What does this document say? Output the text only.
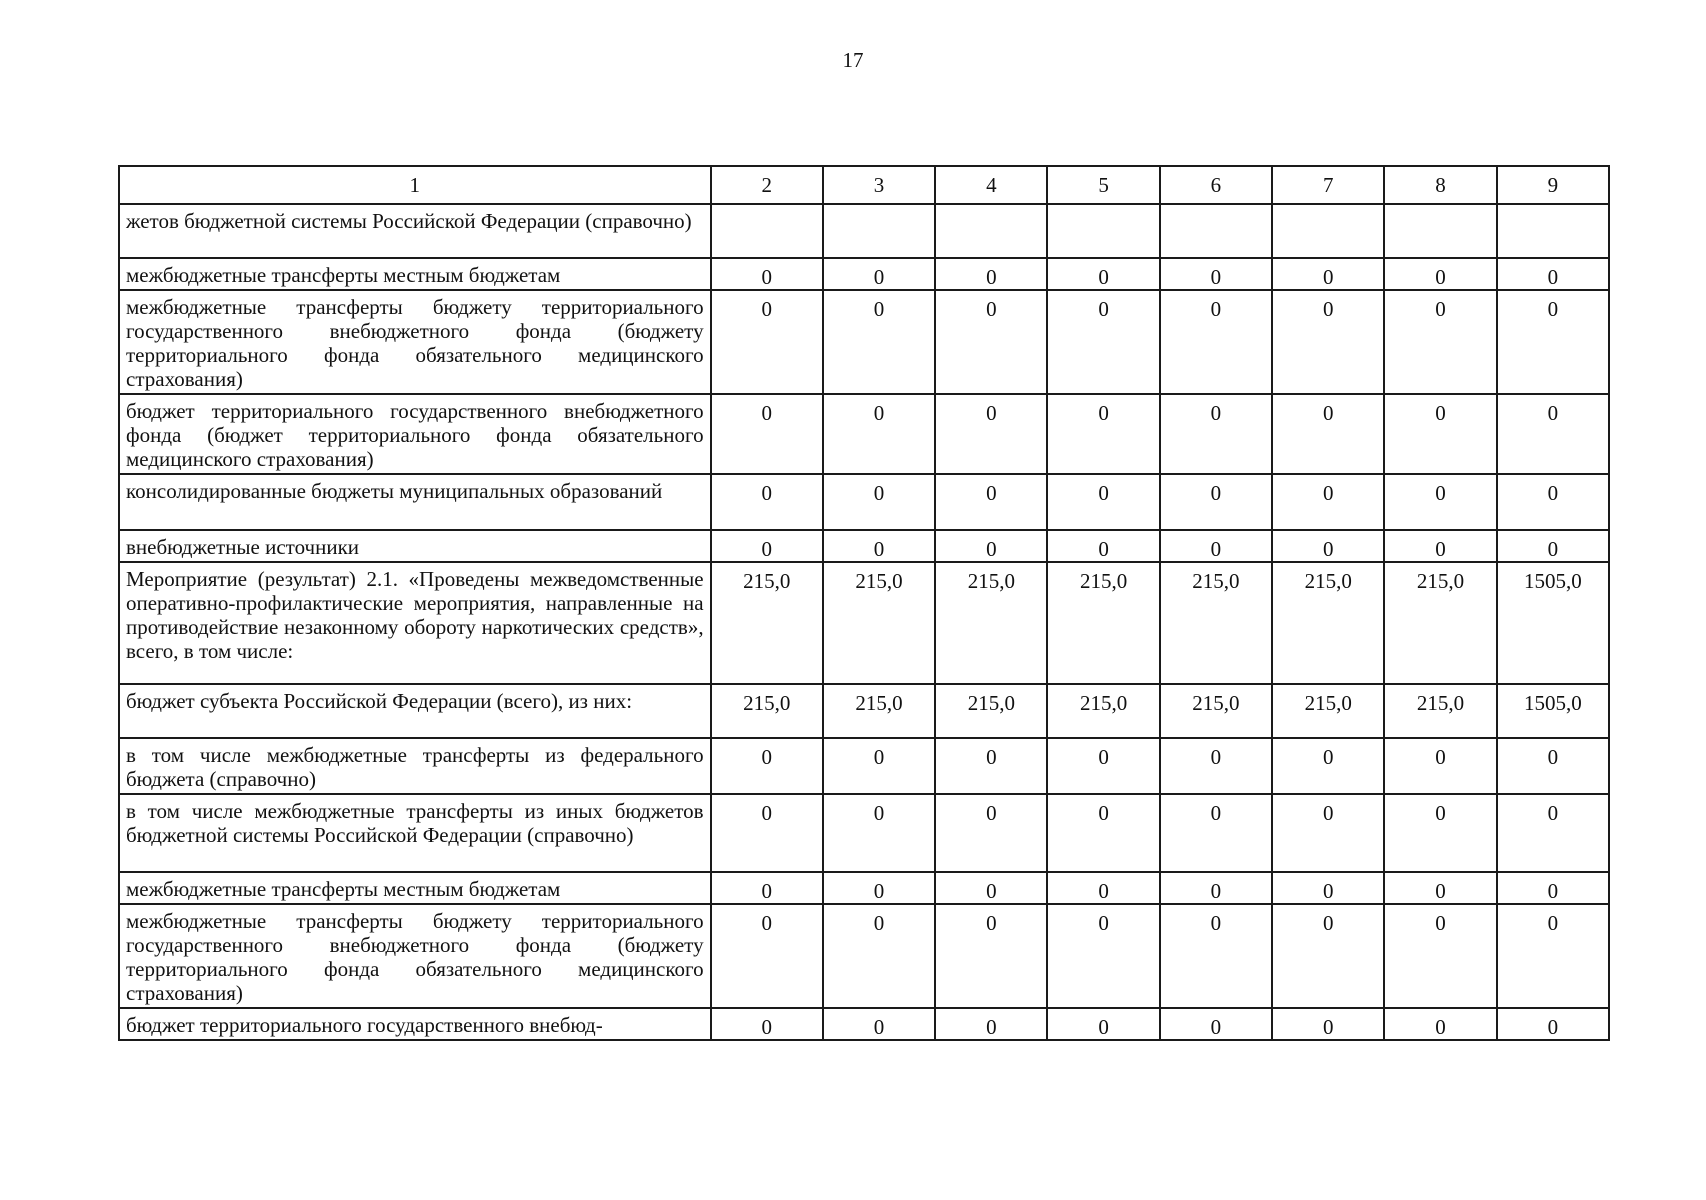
17
1	2	3	4	5	6	7	8	9
жетов бюджетной системы Российской Федерации (справочно)								
межбюджетные трансферты местным бюджетам	0	0	0	0	0	0	0	0
межбюджетные трансферты бюджету территориального государственного внебюджетного фонда (бюджету территориального фонда обязательного медицинского страхования)	0	0	0	0	0	0	0	0
бюджет территориального государственного внебюджетного фонда (бюджет территориального фонда обязательного медицинского страхования)	0	0	0	0	0	0	0	0
консолидированные бюджеты муниципальных образований	0	0	0	0	0	0	0	0
внебюджетные источники	0	0	0	0	0	0	0	0
Мероприятие (результат) 2.1. «Проведены межведомственные оперативно-профилактические мероприятия, направленные на противодействие незаконному обороту наркотических средств», всего, в том числе:	215,0	215,0	215,0	215,0	215,0	215,0	215,0	1505,0
бюджет субъекта Российской Федерации (всего), из них:	215,0	215,0	215,0	215,0	215,0	215,0	215,0	1505,0
в том числе межбюджетные трансферты из федерального бюджета (справочно)	0	0	0	0	0	0	0	0
в том числе межбюджетные трансферты из иных бюджетов бюджетной системы Российской Федерации (справочно)	0	0	0	0	0	0	0	0
межбюджетные трансферты местным бюджетам	0	0	0	0	0	0	0	0
межбюджетные трансферты бюджету территориального государственного внебюджетного фонда (бюджету территориального фонда обязательного медицинского страхования)	0	0	0	0	0	0	0	0
бюджет территориального государственного внебюд-	0	0	0	0	0	0	0	0
